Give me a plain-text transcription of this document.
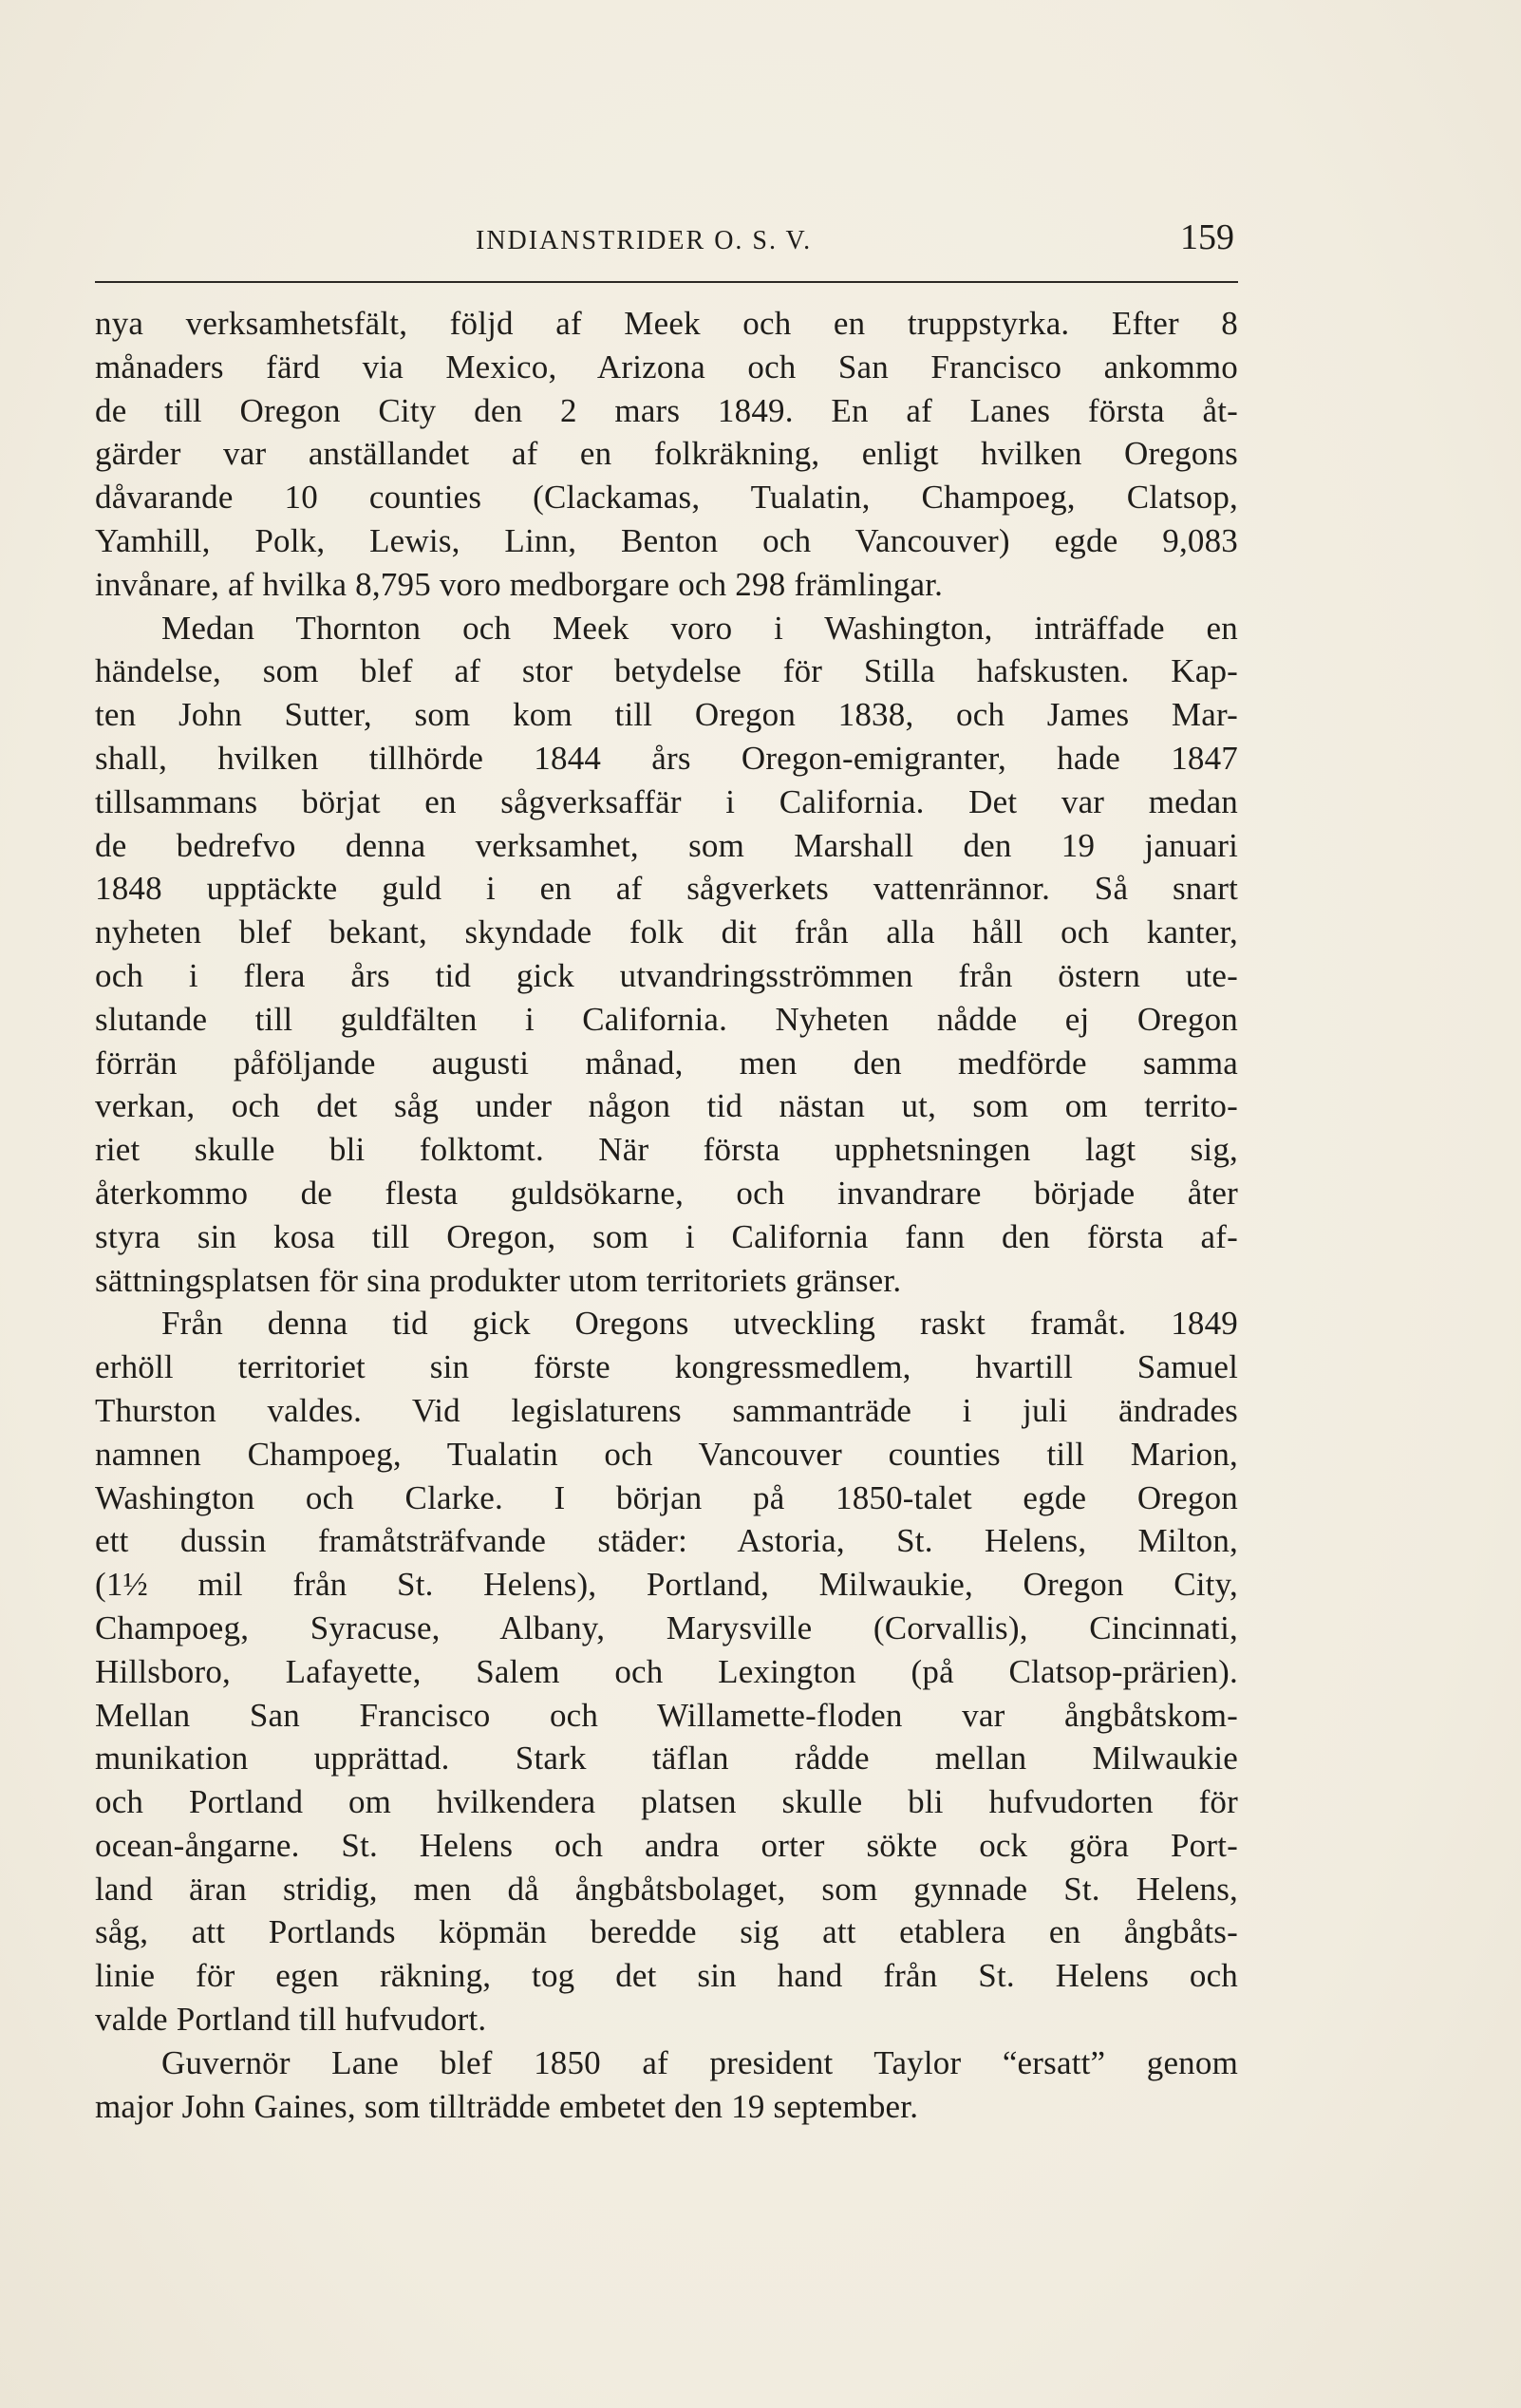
INDIANSTRIDER O. S. V.	159
nya verksamhetsfält, följd af Meek och en truppstyrka. Efter 8
månaders färd via Mexico, Arizona och San Francisco ankommo
de till Oregon City den 2 mars 1849. En af Lanes första åt-
gärder var anställandet af en folkräkning, enligt hvilken Oregons
dåvarande 10 counties (Clackamas, Tualatin, Champoeg, Clatsop,
Yamhill, Polk, Lewis, Linn, Benton och Vancouver) egde 9,083
invånare, af hvilka 8,795 voro medborgare och 298 främlingar.
Medan Thornton och Meek voro i Washington, inträffade en
händelse, som blef af stor betydelse för Stilla hafskusten. Kap-
ten John Sutter, som kom till Oregon 1838, och James Mar-
shall, hvilken tillhörde 1844 års Oregon-emigranter, hade 1847
tillsammans börjat en sågverksaffär i California. Det var medan
de bedrefvo denna verksamhet, som Marshall den 19 januari
1848 upptäckte guld i en af sågverkets vattenrännor. Så snart
nyheten blef bekant, skyndade folk dit från alla håll och kanter,
och i flera års tid gick utvandringsströmmen från östern ute-
slutande till guldfälten i California. Nyheten nådde ej Oregon
förrän påföljande augusti månad, men den medförde samma
verkan, och det såg under någon tid nästan ut, som om territo-
riet skulle bli folktomt. När första upphetsningen lagt sig,
återkommo de flesta guldsökarne, och invandrare började åter
styra sin kosa till Oregon, som i California fann den första af-
sättningsplatsen för sina produkter utom territoriets gränser.
Från denna tid gick Oregons utveckling raskt framåt. 1849
erhöll territoriet sin förste kongressmedlem, hvartill Samuel
Thurston valdes. Vid legislaturens sammanträde i juli ändrades
namnen Champoeg, Tualatin och Vancouver counties till Marion,
Washington och Clarke. I början på 1850-talet egde Oregon
ett dussin framåtsträfvande städer: Astoria, St. Helens, Milton,
(1½ mil från St. Helens), Portland, Milwaukie, Oregon City,
Champoeg, Syracuse, Albany, Marysville (Corvallis), Cincinnati,
Hillsboro, Lafayette, Salem och Lexington (på Clatsop-prärien).
Mellan San Francisco och Willamette-floden var ångbåtskom-
munikation upprättad. Stark täflan rådde mellan Milwaukie
och Portland om hvilkendera platsen skulle bli hufvudorten för
ocean-ångarne. St. Helens och andra orter sökte ock göra Port-
land äran stridig, men då ångbåtsbolaget, som gynnade St. Helens,
såg, att Portlands köpmän beredde sig att etablera en ångbåts-
linie för egen räkning, tog det sin hand från St. Helens och
valde Portland till hufvudort.
Guvernör Lane blef 1850 af president Taylor “ersatt” genom
major John Gaines, som tillträdde embetet den 19 september.
